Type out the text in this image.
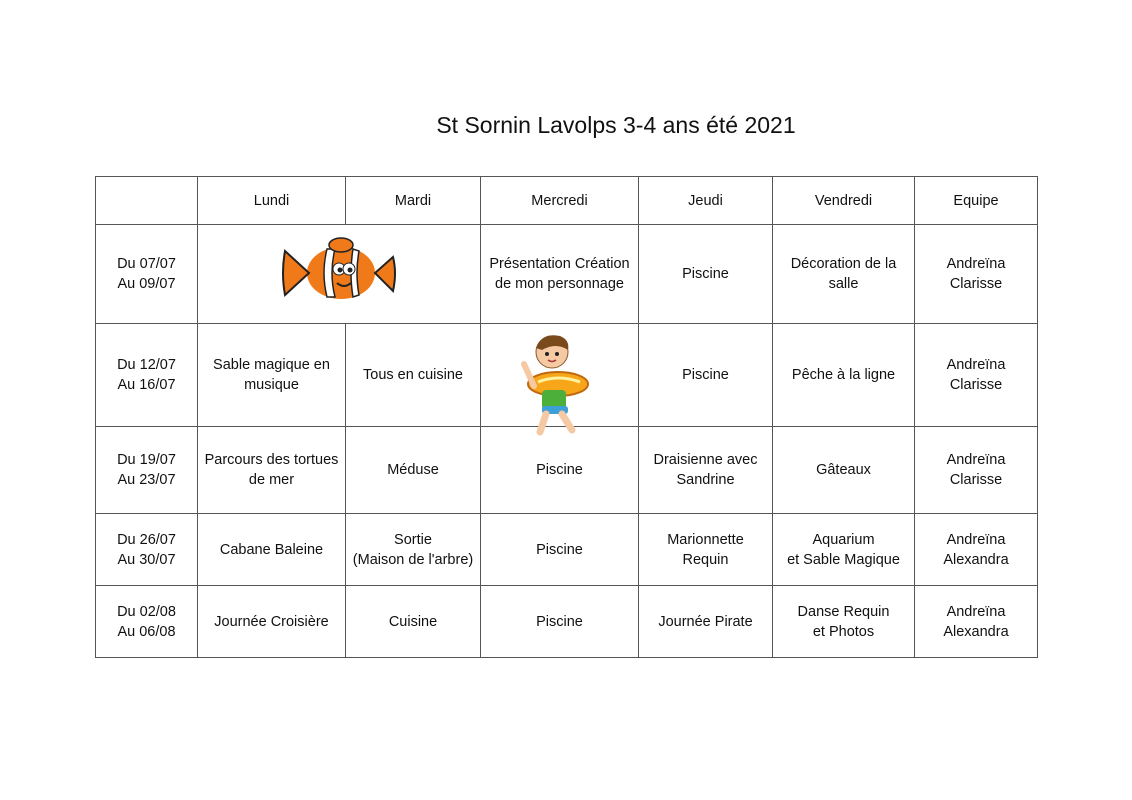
St Sornin Lavolps 3-4 ans été 2021

	Lundi	Mardi	Mercredi	Jeudi	Vendredi	Equipe

Du 07/07
Au 09/07			Présentation Création
de mon personnage	Piscine	Décoration de la
salle	Andreïna
Clarisse

Du 12/07
Au 16/07	Sable magique en
musique	Tous en cuisine		Piscine	Pêche à la ligne	Andreïna
Clarisse

Du 19/07
Au 23/07	Parcours des tortues
de mer	Méduse	Piscine	Draisienne avec
Sandrine	Gâteaux	Andreïna
Clarisse

Du 26/07
Au 30/07	Cabane Baleine	Sortie
(Maison de l'arbre)	Piscine	Marionnette
Requin	Aquarium
et Sable Magique	Andreïna
Alexandra

Du 02/08
Au 06/08	Journée Croisière	Cuisine	Piscine	Journée Pirate	Danse Requin
et Photos	Andreïna
Alexandra
